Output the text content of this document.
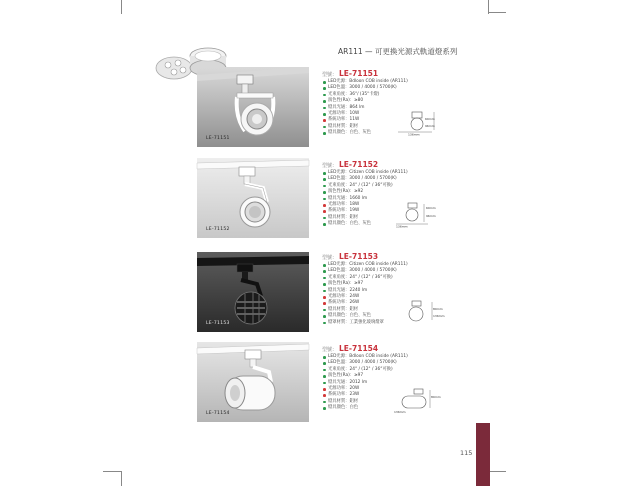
AR111 — 可更換光源式軌道燈系列
LE-71151
型號： LE-71151
LED光源：Bdloon COB inside (AR111)
LED色溫：3000 / 4000 / 5700(K)
光束角度：36°/ (35°卡燈)
演色性(Ra)：≥80
燈具光通：864 lm
光源功率：10W
系統功率：11W
燈具材質：鋁材
燈具顏色：白色、灰色
69mm
96mm
136mm
LE-71152
型號： LE-71152
LED光源：Citizen COB inside (AR111)
LED色溫：3000 / 4000 / 5700(K)
光束角度：24° / (12° / 36°可換)
演色性(Ra)：≥92
燈具光通：1660 lm
光源功率：18W
系統功率：19W
燈具材質：鋁材
燈具顏色：白色、灰色
69mm
96mm
136mm
LE-71153
型號： LE-71153
LED光源：Citizen COB inside (AR111)
LED色溫：3000 / 4000 / 5700(K)
光束角度：24° / (12° / 36°可換)
演色性(Ra)：≥97
燈具光通：2240 lm
光源功率：24W
系統功率：26W
燈具材質：鋁材
燈具顏色：白色、灰色
燈罩材質：工業強化玻璃燈罩
89mm
136mm
LE-71154
型號： LE-71154
LED光源：Bdloon COB inside (AR111)
LED色溫：3000 / 4000 / 5700(K)
光束角度：24° / (12° / 36°可換)
演色性(Ra)：≥97
燈具光通：2012 lm
光源功率：20W
系統功率：23W
燈具材質：鋁材
燈具顏色：白色
89mm
136mm
115
